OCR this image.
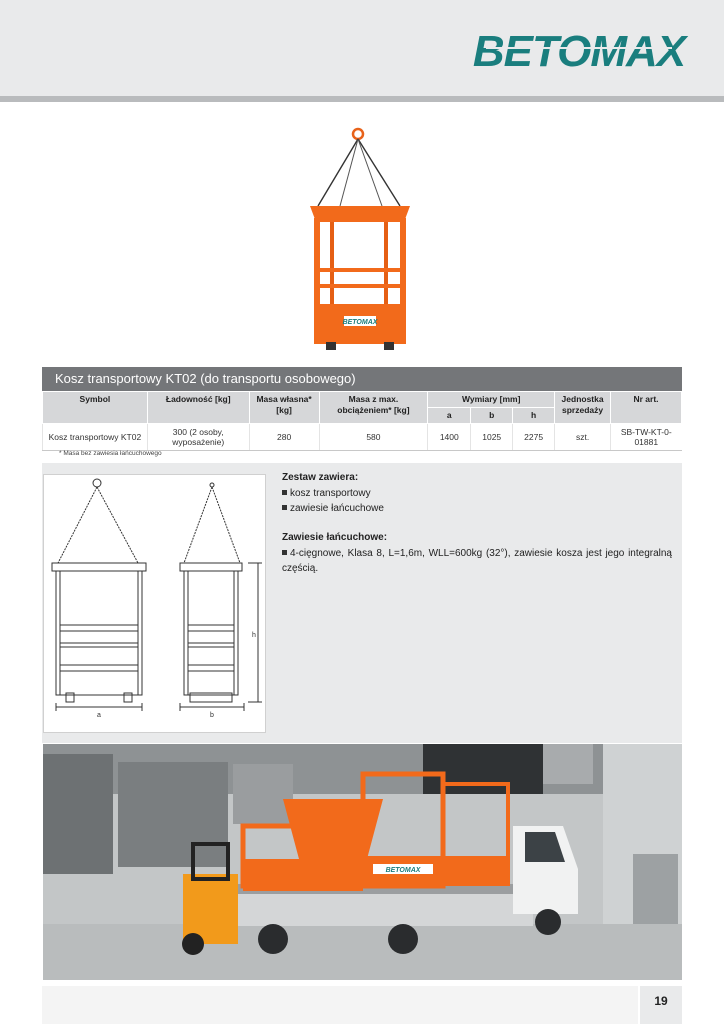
BETOMAX
BETOMAX
Kosz transportowy KT02 (do transportu osobowego)
Symbol	Ładowność [kg]	Masa własna* [kg]	Masa z max. obciążeniem* [kg]	Wymiary [mm]			Jednostka sprzedaży	Nr art.
				a	b	h		
Kosz transportowy KT02	300 (2 osoby, wyposażenie)	280	580	1400	1025	2275	szt.	SB-TW-KT-0-01881
* Masa bez zawiesia łańcuchowego
a	b
h

Zestaw zawiera:

kosz transportowy

zawiesie łańcuchowe

Zawiesie łańcuchowe:

4-cięgnowe, Klasa 8, L=1,6m, WLL=600kg (32°), zawiesie kosza jest jego integralną częścią.

BETOMAX
19
